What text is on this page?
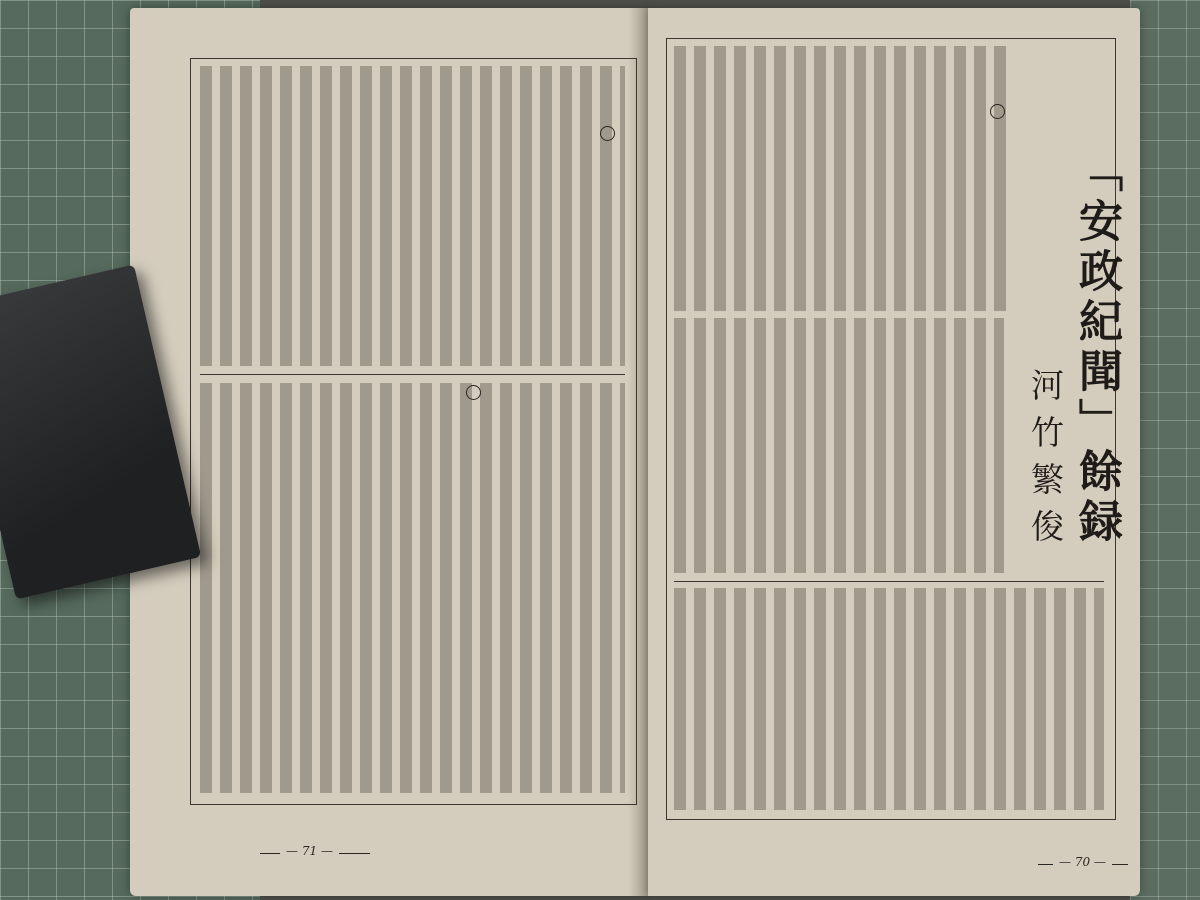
— 71 —
「安政紀聞」餘録
河竹繁俊
— 70 —
